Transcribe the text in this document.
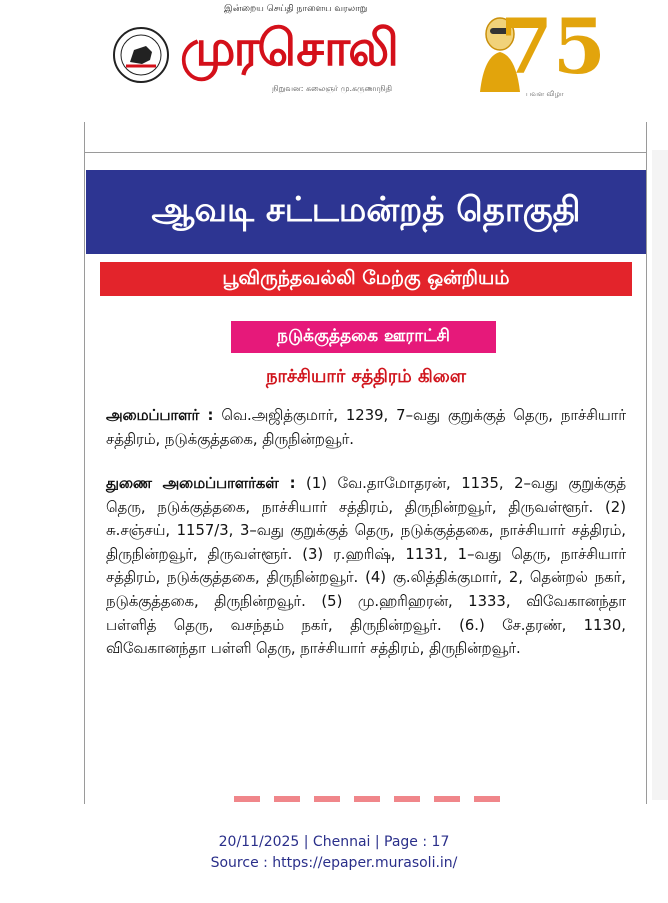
இன்றைய செய்தி நாளைய வரலாறு
முரசொலி
நிறுவன: கலைஞர் மு.கருணாநிதி 75
பவள விழா
ஆவடி சட்டமன்றத் தொகுதி
பூவிருந்தவல்லி மேற்கு ஒன்றியம்
நடுக்குத்தகை ஊராட்சி
நாச்சியார் சத்திரம் கிளை
அமைப்பாளர் : வெ.அஜித்குமார், 1239, 7–வது குறுக்குத் தெரு, நாச்சியார் சத்திரம், நடுக்குத்தகை, திருநின்றவூர்.
துணை அமைப்பாளர்கள் : (1) வே.தாமோதரன், 1135, 2–வது குறுக்குத் தெரு, நடுக்குத்தகை, நாச்சியார் சத்திரம், திருநின்றவூர், திருவள்ளூர். (2) சு.சஞ்சய், 1157/3, 3–வது குறுக்குத் தெரு, நடுக்குத்தகை, நாச்சியார் சத்திரம், திருநின்றவூர், திருவள்ளூர். (3) ர.ஹரிஷ், 1131, 1–வது தெரு, நாச்சியார் சத்திரம், நடுக்குத்தகை, திருநின்றவூர். (4) கு.லித்திக்குமார், 2, தென்றல் நகர், நடுக்குத்தகை, திருநின்றவூர். (5) மு.ஹரிஹரன், 1333, விவேகானந்தா பள்ளித் தெரு, வசந்தம் நகர், திருநின்றவூர். (6.) சே.தரண், 1130, விவேகானந்தா பள்ளி தெரு, நாச்சியார் சத்திரம், திருநின்றவூர்.
20/11/2025 | Chennai | Page : 17
Source : https://epaper.murasoli.in/
